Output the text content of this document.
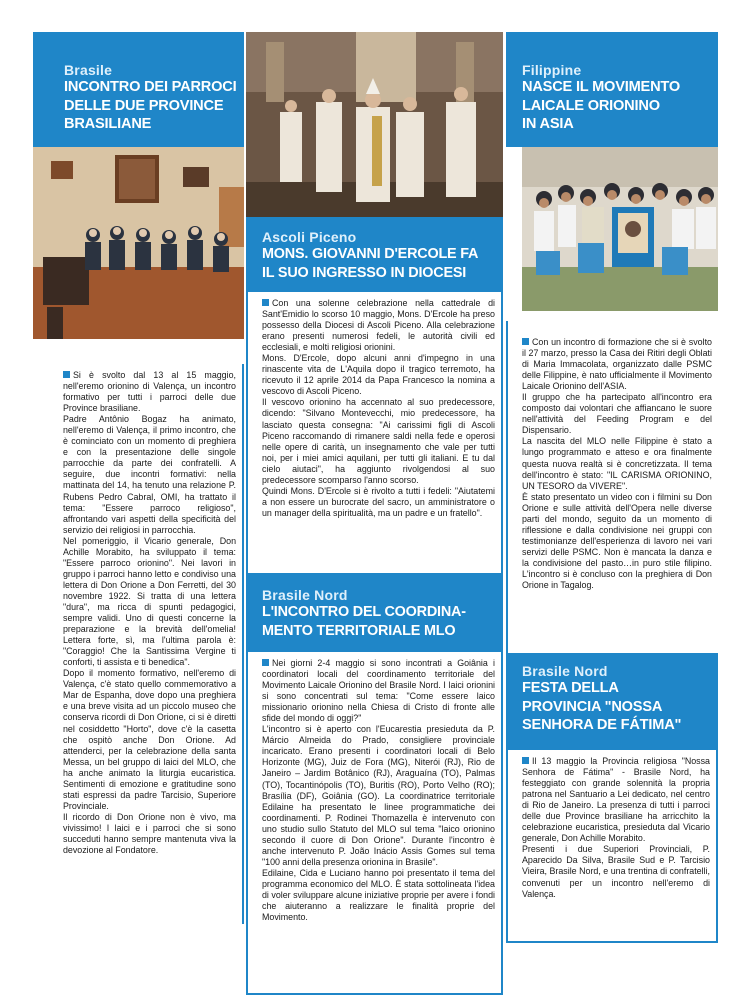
Brasile
INCONTRO DEI PARROCI
DELLE DUE PROVINCE
BRASILIANE

Si è svolto dal 13 al 15 maggio, nell'eremo orionino di Valença, un incontro formativo per tutti i parroci delle due Province brasiliane.

Padre Antônio Bogaz ha animato, nell'eremo di Valença, il primo incontro, che è cominciato con un momento di preghiera e con la presentazione delle singole parrocchie da parte dei confratelli. A seguire, due incontri formativi: nella mattinata del 14, ha tenuto una relazione P. Rubens Pedro Cabral, OMI, ha trattato il tema: "Essere parroco religioso", affrontando vari aspetti della specificità del servizio dei religiosi in parrocchia.

Nel pomeriggio, il Vicario generale, Don Achille Morabito, ha sviluppato il tema: "Essere parroco orionino". Nei lavori in gruppo i parroci hanno letto e condiviso una lettera di Don Orione a Don Ferretti, del 30 novembre 1922. Si tratta di una lettera "dura", ma ricca di spunti pedagogici, sempre validi. Uno di questi concerne la preparazione e la brevità dell'omelia! Lettera forte, sì, ma l'ultima parola è: "Coraggio! Che la Santissima Vergine ti conforti, ti assista e ti benedica".

Dopo il momento formativo, nell'eremo di Valença, c'è stato quello commemorativo a Mar de Espanha, dove dopo una preghiera e una breve visita ad un piccolo museo che conserva ricordi di Don Orione, ci si è diretti nel cosiddetto "Horto", dove c'è la casetta che ospitò anche Don Orione. Ad attenderci, per la celebrazione della santa Messa, un bel gruppo di laici del MLO, che ha anche animato la liturgia eucaristica. Sentimenti di emozione e gratitudine sono stati espressi da padre Tarcisio, Superiore Provinciale.

Il ricordo di Don Orione non è vivo, ma vivissimo! I laici e i parroci che si sono succeduti hanno sempre mantenuta viva la devozione al Fondatore.

Ascoli Piceno
MONS. GIOVANNI D'ERCOLE FA
IL SUO INGRESSO IN DIOCESI

Con una solenne celebrazione nella cattedrale di Sant'Emidio lo scorso 10 maggio, Mons. D'Ercole ha preso possesso della Diocesi di Ascoli Piceno. Alla celebrazione erano presenti numerosi fedeli, le autorità civili ed ecclesiali, e molti religiosi orionini.

Mons. D'Ercole, dopo alcuni anni d'impegno in una rinascente vita de L'Aquila dopo il tragico terremoto, ha ricevuto il 12 aprile 2014 da Papa Francesco la nomina a vescovo di Ascoli Piceno.

Il vescovo orionino ha accennato al suo predecessore, dicendo: "Silvano Montevecchi, mio predecessore, ha lasciato questa consegna: "Ai carissimi figli di Ascoli Piceno raccomando di rimanere saldi nella fede e operosi nelle opere di carità, un insegnamento che vale per tutti noi, per i miei amici aquilani, per tutti gli italiani. E tu dal cielo aiutaci", ha aggiunto rivolgendosi al suo predecessore scomparso l'anno scorso.

Quindi Mons. D'Ercole si è rivolto a tutti i fedeli: "Aiutatemi a non essere un burocrate del sacro, un amministratore o un manager della spiritualità, ma un padre e un fratello".

Brasile Nord
L'INCONTRO DEL COORDINA-
MENTO TERRITORIALE MLO

Nei giorni 2-4 maggio si sono incontrati a Goiânia i coordinatori locali del coordinamento territoriale del Movimento Laicale Orionino del Brasile Nord. I laici orionini si sono concentrati sul tema: "Come essere laico missionario orionino nella Chiesa di Cristo di fronte alle sfide del mondo di oggi?"

L'incontro si è aperto con l'Eucarestia presieduta da P. Márcio Almeida do Prado, consigliere provinciale incaricato. Erano presenti i coordinatori locali di Belo Horizonte (MG), Juiz de Fora (MG), Niterói (RJ), Rio de Janeiro – Jardim Botânico (RJ), Araguaína (TO), Palmas (TO), Tocantinópolis (TO), Buritis (RO), Porto Velho (RO); Brasília (DF), Goiânia (GO). La coordinatrice territoriale Edilaine ha presentato le linee programmatiche dei coordinamenti. P. Rodinei Thomazella è intervenuto con uno studio sullo Statuto del MLO sul tema "laico orionino secondo il cuore di Don Orione". Durante l'incontro è anche intervenuto P. João Inácio Assis Gomes sul tema "100 anni della presenza orionina in Brasile".

Edilaine, Cida e Luciano hanno poi presentato il tema del programma economico del MLO. È stata sottolineata l'idea di voler sviluppare alcune iniziative proprie per avere i fondi che aiuteranno a realizzare le finalità proprie del Movimento.

Filippine
NASCE IL MOVIMENTO
LAICALE ORIONINO
IN ASIA

Con un incontro di formazione che si è svolto il 27 marzo, presso la Casa dei Ritiri degli Oblati di Maria Immacolata, organizzato dalle PSMC delle Filippine, è nato ufficialmente il Movimento Laicale Orionino dell'ASIA.

Il gruppo che ha partecipato all'incontro era composto dai volontari che affiancano le suore nell'attività del Feeding Program e del Dispensario.

La nascita del MLO nelle Filippine è stato a lungo programmato e atteso e ora finalmente questa nuova realtà si è concretizzata. Il tema dell'incontro è stato: "IL CARISMA ORIONINO, UN TESORO da VIVERE".

È stato presentato un video con i filmini su Don Orione e sulle attività dell'Opera nelle diverse parti del mondo, seguito da un momento di riflessione e dalla condivisione nei gruppi con testimonianze dell'esperienza di lavoro nei vari servizi delle PSMC. Non è mancata la danza e la condivisione del pasto…in puro stile filipino. L'incontro si è concluso con la preghiera di Don Orione in Tagalog.

Brasile Nord
FESTA DELLA
PROVINCIA "NOSSA
SENHORA DE FÁTIMA"

Il 13 maggio la Provincia religiosa "Nossa Senhora de Fátima" - Brasile Nord, ha festeggiato con grande solennità la propria patrona nel Santuario a Lei dedicato, nel centro di Rio de Janeiro. La presenza di tutti i parroci delle due Province brasiliane ha arricchito la celebrazione eucaristica, presieduta dal Vicario generale, Don Achille Morabito.

Presenti i due Superiori Provinciali, P. Aparecido Da Silva, Brasile Sud e P. Tarcisio Vieira, Brasile Nord, e una trentina di confratelli, convenuti per un incontro nell'eremo di Valença.
